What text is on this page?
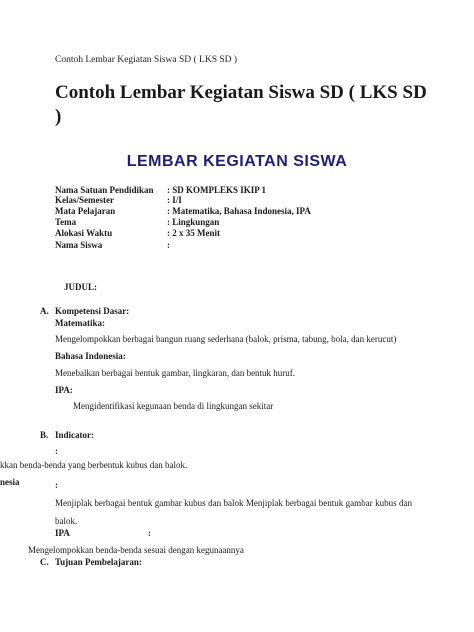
Contoh Lembar Kegiatan Siswa SD ( LKS SD )
Contoh Lembar Kegiatan Siswa SD ( LKS SD )
LEMBAR KEGIATAN SISWA
Nama Satuan Pendidikan : SD KOMPLEKS IKIP 1
Kelas/Semester	: I/I
Mata Pelajaran	: Matematika, Bahasa Indonesia, IPA
Tema	: Lingkungan
Alokasi Waktu	: 2 x 35 Menit
Nama Siswa	:
JUDUL:
A. Kompetensi Dasar:
Matematika:
Mengelompokkan berbagai bangun ruang sederhana (balok, prisma, tabung, bola, dan kerucut)
Bahasa Indonesia:
Menebalkan berbagai bentuk gambar, lingkaran, dan bentuk huruf.
IPA:
Mengidentifikasi kegunaan benda di lingkungan sekitar
B. Indicator:
:
kkan benda-benda yang berbentuk kubus dan balok.
nesia	:
Menjiplak berbagai bentuk gambar kubus dan balok Menjiplak berbagai bentuk gambar kubus dan balok.
IPA	:
Mengelompokkan benda-benda sesuai dengan kegunaannya
C. Tujuan Pembelajaran:
